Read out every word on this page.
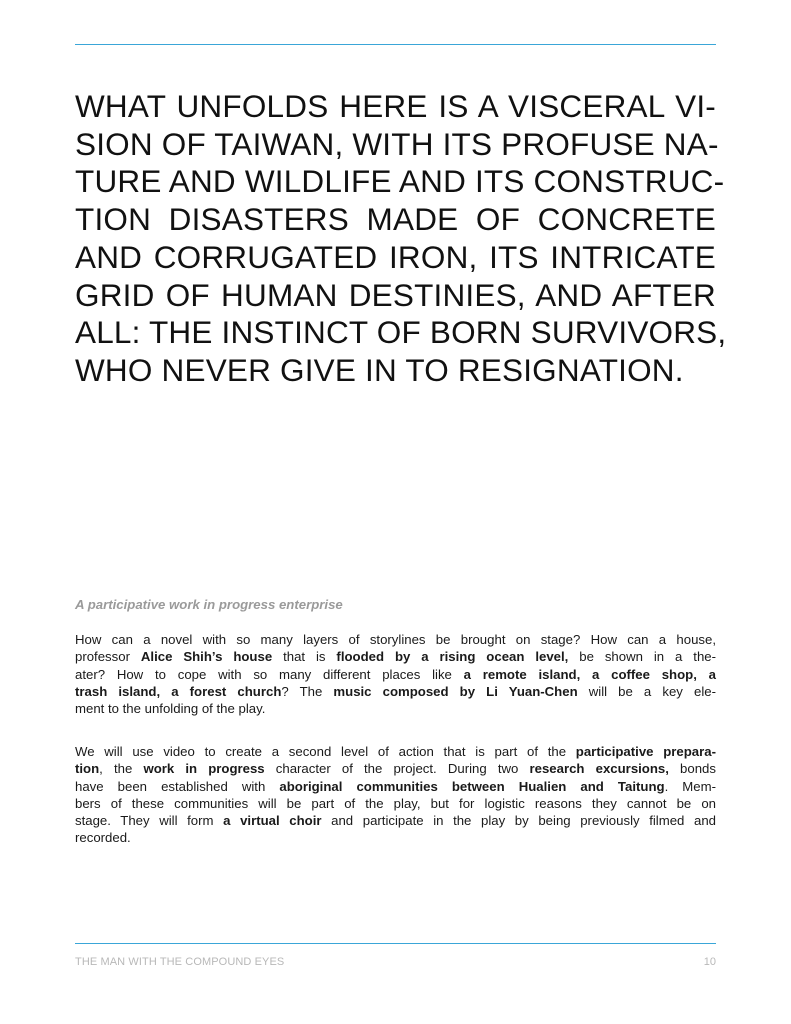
WHAT UNFOLDS HERE IS A VISCERAL VI-
SION OF TAIWAN, WITH ITS PROFUSE NA-
TURE AND WILDLIFE AND ITS CONSTRUC-
TION DISASTERS MADE OF CONCRETE
AND CORRUGATED IRON, ITS INTRICATE
GRID OF HUMAN DESTINIES, AND AFTER
ALL: THE INSTINCT OF BORN SURVIVORS,
WHO NEVER GIVE IN TO RESIGNATION.
A participative work in progress enterprise

How can a novel with so many layers of storylines be brought on stage? How can a house,
professor Alice Shih’s house that is flooded by a rising ocean level, be shown in a the-
ater? How to cope with so many different places like a remote island, a coffee shop, a
trash island, a forest church? The music composed by Li Yuan-Chen will be a key ele-
ment to the unfolding of the play.

We will use video to create a second level of action that is part of the participative prepara-
tion, the work in progress character of the project. During two research excursions, bonds
have been established with aboriginal communities between Hualien and Taitung. Mem-
bers of these communities will be part of the play, but for logistic reasons they cannot be on
stage. They will form a virtual choir and participate in the play by being previously filmed and
recorded.

THE MAN WITH THE COMPOUND EYES	10
